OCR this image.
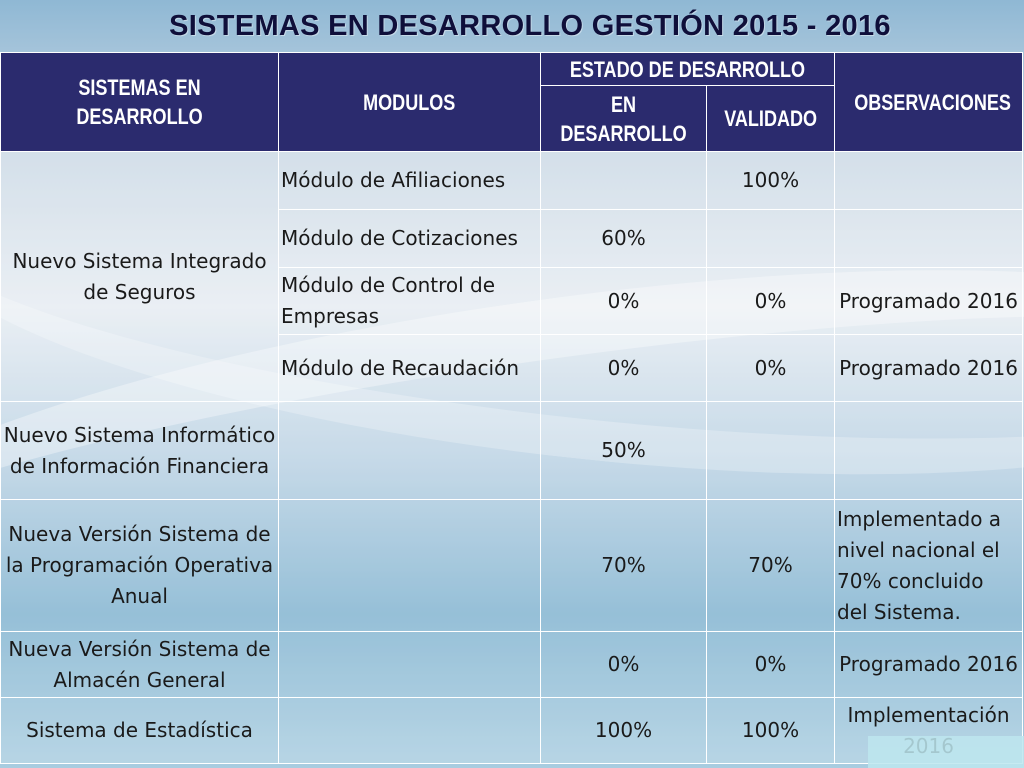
SISTEMAS EN DESARROLLO GESTIÓN 2015 - 2016
SISTEMAS EN DESARROLLO	MODULOS	ESTADO DE DESARROLLO		OBSERVACIONES
		EN DESARROLLO	VALIDADO	
Nuevo Sistema Integrado de Seguros	Módulo de Afiliaciones		100%	
	Módulo de Cotizaciones	60%		
	Módulo de Control de Empresas	0%	0%	Programado 2016
	Módulo de Recaudación	0%	0%	Programado 2016
Nuevo Sistema Informático de Información Financiera		50%		
Nueva Versión Sistema de la Programación Operativa Anual		70%	70%	Implementado a nivel nacional el 70% concluido del Sistema.
Nueva Versión Sistema de Almacén General		0%	0%	Programado 2016
Sistema de Estadística		100%	100%	Implementación
